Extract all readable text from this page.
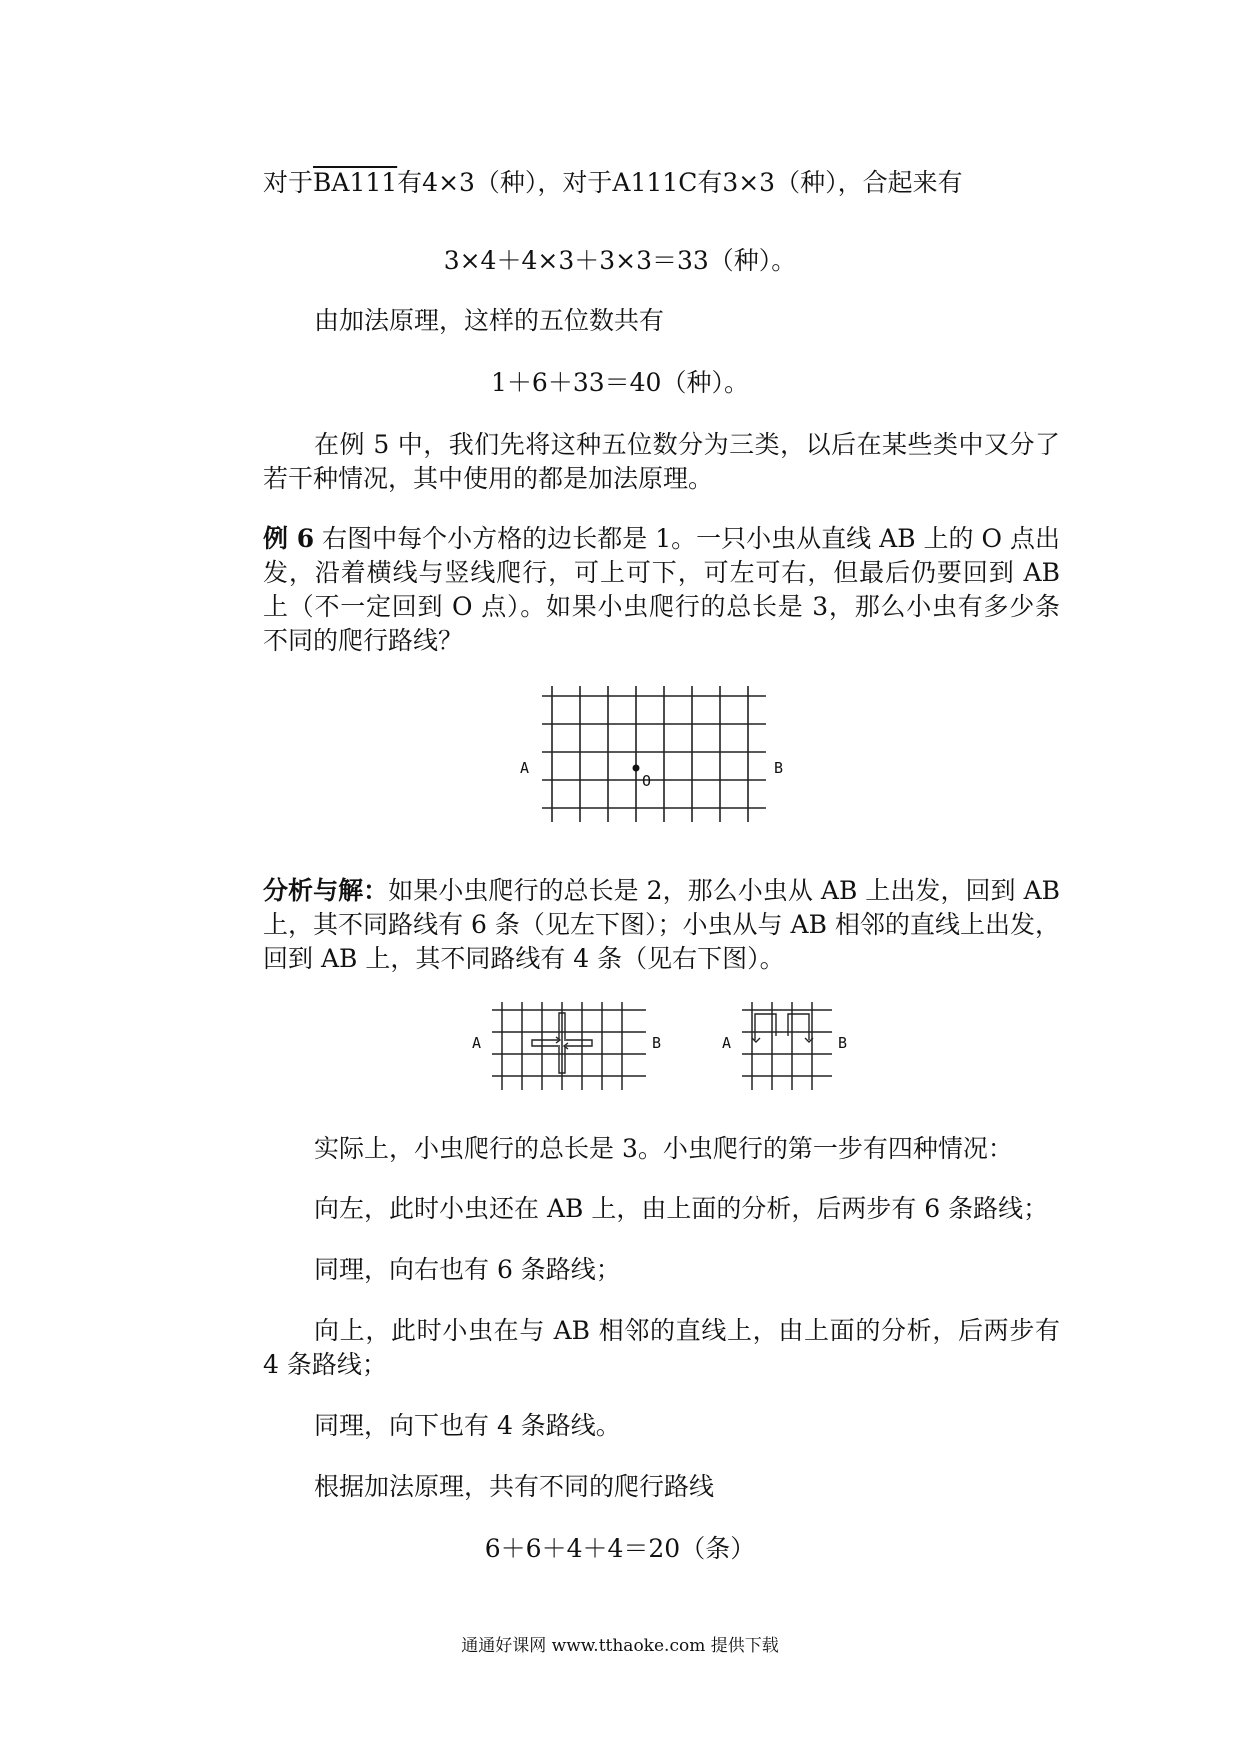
对于BA111有4×3（种），对于A111C有3×3（种），合起来有
3×4＋4×3＋3×3＝33（种）。
由加法原理，这样的五位数共有
1＋6＋33＝40（种）。
在例 5 中，我们先将这种五位数分为三类，以后在某些类中又分了若干种情况，其中使用的都是加法原理。
例 6 右图中每个小方格的边长都是 1。一只小虫从直线 AB 上的 O 点出发，沿着横线与竖线爬行，可上可下，可左可右，但最后仍要回到 AB 上（不一定回到 O 点）。如果小虫爬行的总长是 3，那么小虫有多少条不同的爬行路线？
A	B
O
分析与解：如果小虫爬行的总长是 2，那么小虫从 AB 上出发，回到 AB 上，其不同路线有 6 条（见左下图）；小虫从与 AB 相邻的直线上出发，回到 AB 上，其不同路线有 4 条（见右下图）。
A	B	A	B
实际上，小虫爬行的总长是 3。小虫爬行的第一步有四种情况：
向左，此时小虫还在 AB 上，由上面的分析，后两步有 6 条路线；
同理，向右也有 6 条路线；
向上，此时小虫在与 AB 相邻的直线上，由上面的分析，后两步有 4 条路线；
同理，向下也有 4 条路线。
根据加法原理，共有不同的爬行路线
6＋6＋4＋4＝20（条）
通通好课网 www.tthaoke.com 提供下载
